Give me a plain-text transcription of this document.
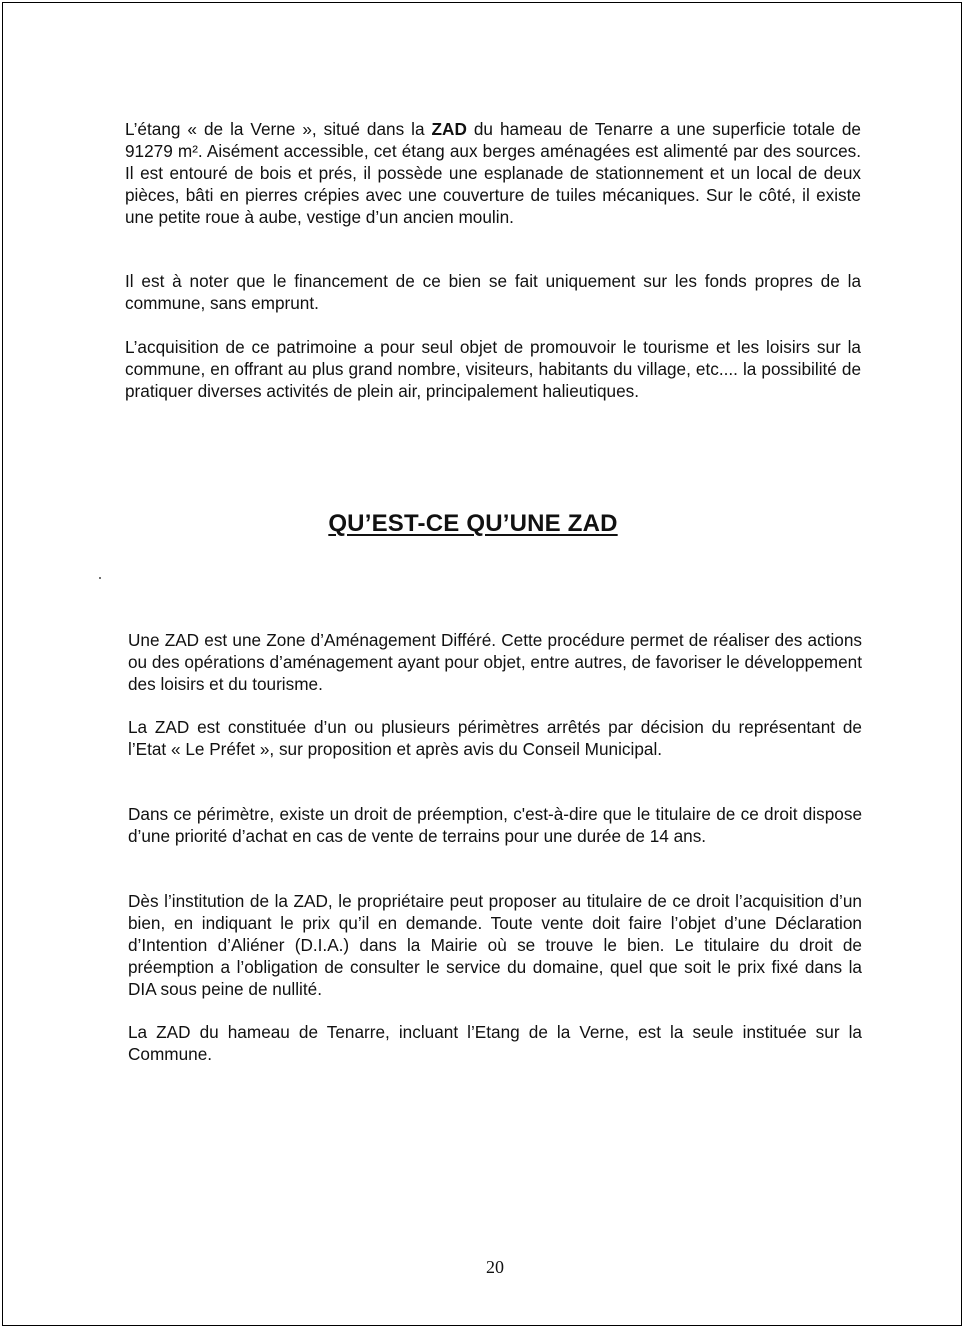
L’étang « de la Verne », situé dans la ZAD du hameau de Tenarre a une superficie totale de 91279 m². Aisément accessible, cet étang aux berges aménagées est alimenté par des sources. Il est entouré de bois et prés, il possède une esplanade de stationnement et un local de deux pièces, bâti en pierres crépies avec une couverture de tuiles mécaniques. Sur le côté, il existe une petite roue à aube, vestige d’un ancien moulin.

Il est à noter que le financement de ce bien se fait uniquement sur les fonds propres de la commune, sans emprunt.

L’acquisition de ce patrimoine a pour seul objet de promouvoir le tourisme et les loisirs sur la commune, en offrant au plus grand nombre, visiteurs, habitants du village, etc.... la possibilité de pratiquer diverses activités de plein air, principalement halieutiques.

QU’EST-CE QU’UNE ZAD

Une ZAD est une Zone d’Aménagement Différé. Cette procédure permet de réaliser des actions ou des opérations d’aménagement ayant pour objet, entre autres, de favoriser le développement des loisirs et du tourisme.

La ZAD est constituée d’un ou plusieurs périmètres arrêtés par décision du représentant de l’Etat « Le Préfet », sur proposition et après avis du Conseil Municipal.

Dans ce périmètre, existe un droit de préemption, c'est-à-dire que le titulaire de ce droit dispose d’une priorité d’achat en cas de vente de terrains pour une durée de 14 ans.

Dès l’institution de la ZAD, le propriétaire peut proposer au titulaire de ce droit l’acquisition d’un bien, en indiquant le prix qu’il en demande. Toute vente doit faire l’objet d’une Déclaration d’Intention d’Aliéner (D.I.A.) dans la Mairie où se trouve le bien. Le titulaire du droit de préemption a l’obligation de consulter le service du domaine, quel que soit le prix fixé dans la DIA sous peine de nullité.

La ZAD du hameau de Tenarre, incluant l’Etang de la Verne, est la seule instituée sur la Commune.

20
